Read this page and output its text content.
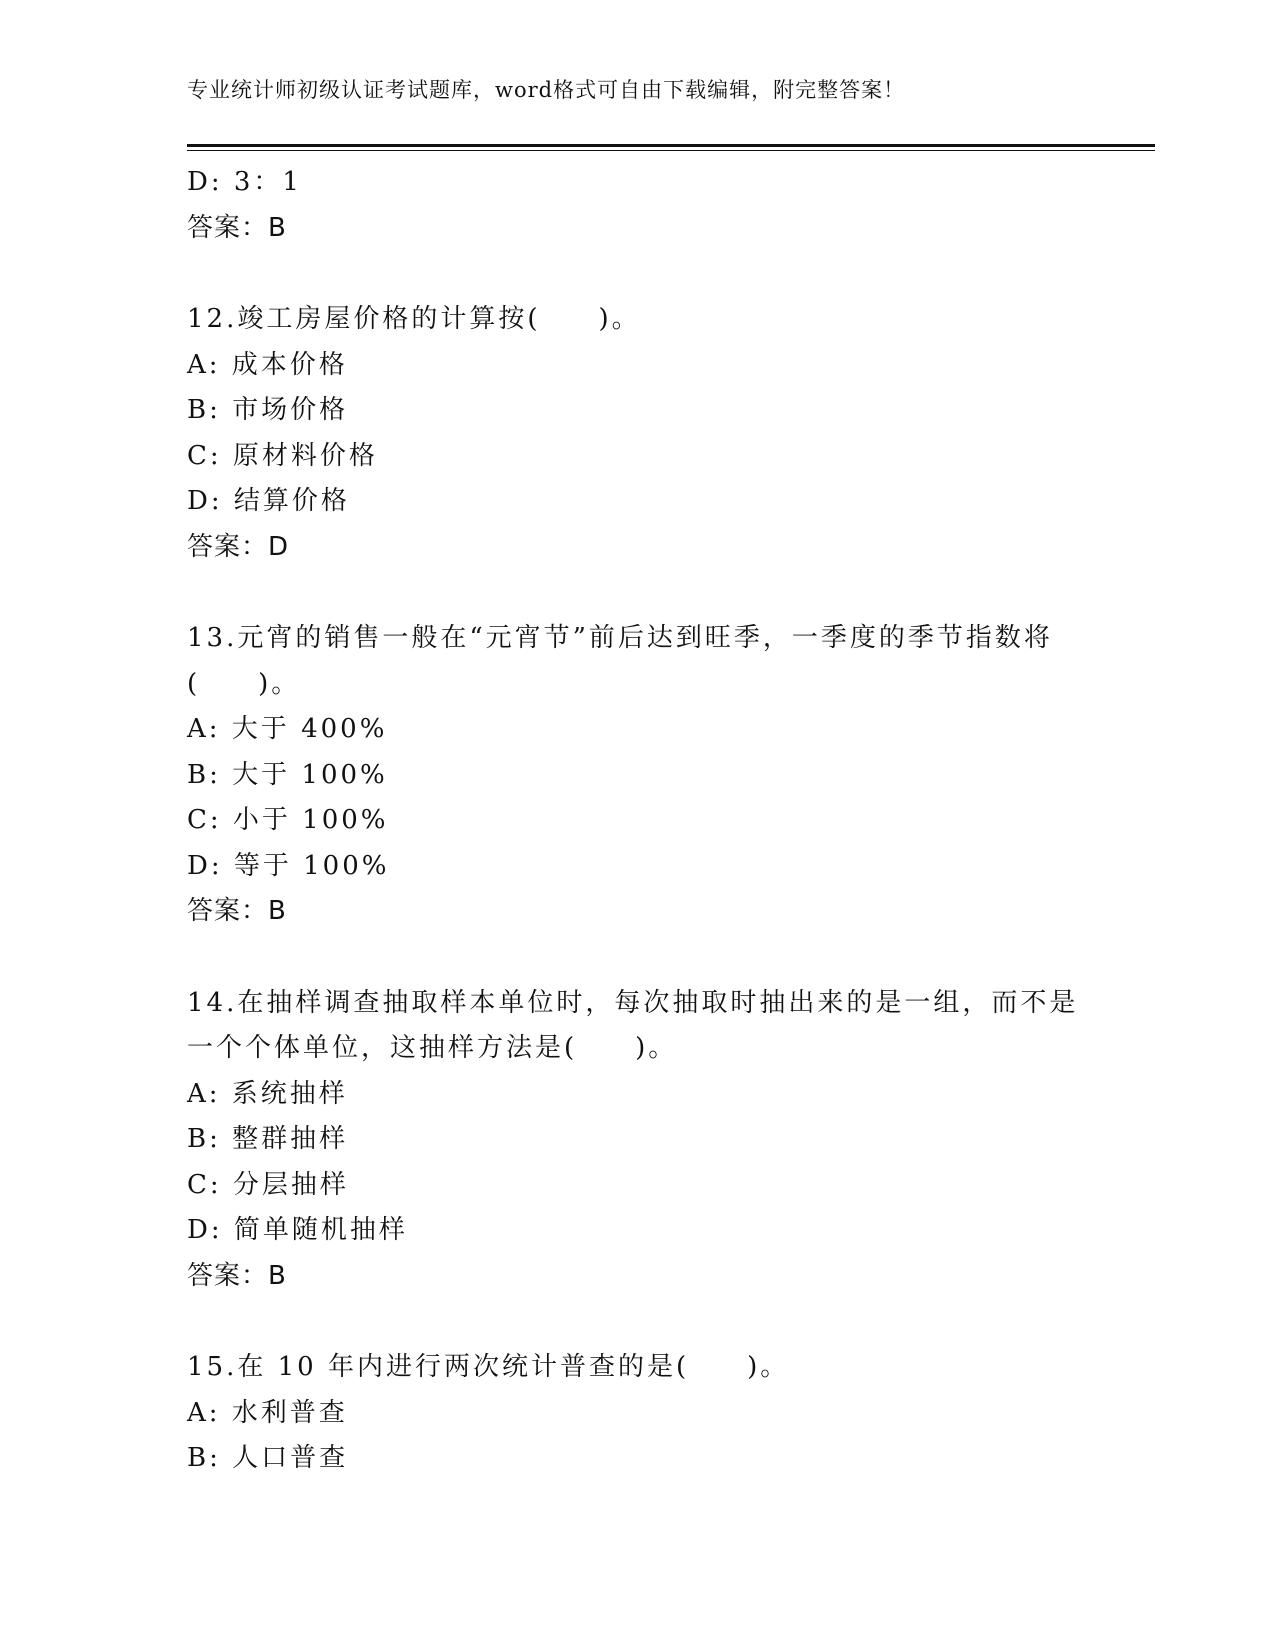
专业统计师初级认证考试题库，word格式可自由下载编辑，附完整答案！
D: 3：1
答案：B
12.竣工房屋价格的计算按(　　)。
A: 成本价格
B: 市场价格
C: 原材料价格
D: 结算价格
答案：D
13.元宵的销售一般在“元宵节”前后达到旺季，一季度的季节指数将(　　)。
A: 大于 400%
B: 大于 100%
C: 小于 100%
D: 等于 100%
答案：B
14.在抽样调查抽取样本单位时，每次抽取时抽出来的是一组，而不是一个个体单位，这抽样方法是(　　)。
A: 系统抽样
B: 整群抽样
C: 分层抽样
D: 简单随机抽样
答案：B
15.在 10 年内进行两次统计普查的是(　　)。
A: 水利普查
B: 人口普查
